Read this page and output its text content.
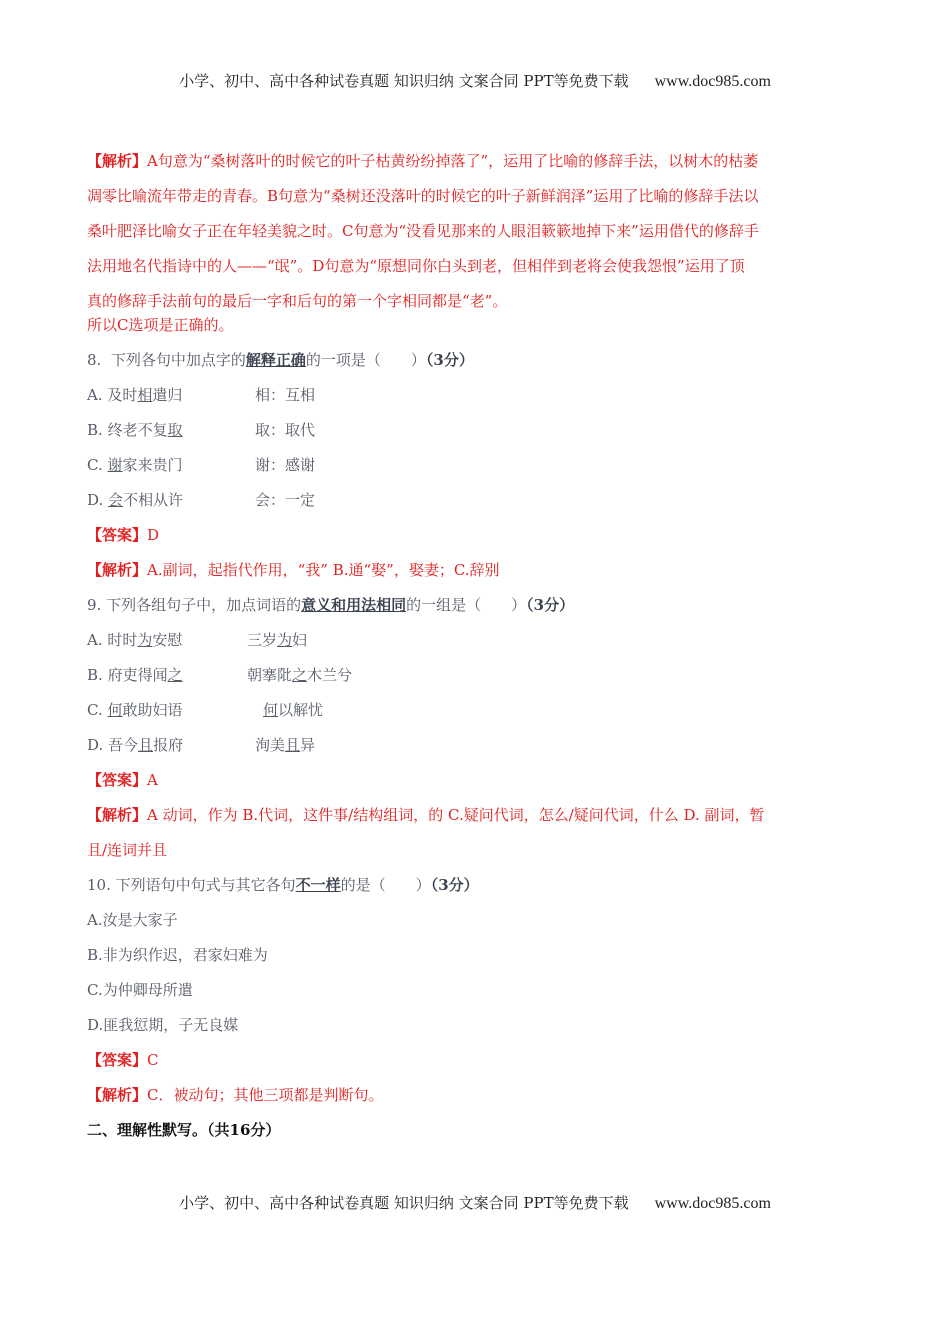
小学、初中、高中各种试卷真题 知识归纳 文案合同 PPT等免费下载 www.doc985.com
【解析】A句意为“桑树落叶的时候它的叶子枯黄纷纷掉落了”，运用了比喻的修辞手法，以树木的枯萎
凋零比喻流年带走的青春。B句意为“桑树还没落叶的时候它的叶子新鲜润泽”运用了比喻的修辞手法以
桑叶肥泽比喻女子正在年轻美貌之时。C句意为“没看见那来的人眼泪簌簌地掉下来”运用借代的修辞手
法用地名代指诗中的人——“氓”。D句意为“原想同你白头到老，但相伴到老将会使我怨恨”运用了顶
真的修辞手法前句的最后一字和后句的第一个字相同都是“老”。
所以C选项是正确的。
8. 下列各句中加点字的解释正确的一项是（　　）（3分）
A. 及时相遣归	相：互相
B. 终老不复取	取：取代
C. 谢家来贵门	谢：感谢
D. 会不相从许	会：一定
【答案】D
【解析】A.副词，起指代作用，“我” B.通“娶”，娶妻；C.辞别
9. 下列各组句子中，加点词语的意义和用法相同的一组是（　　）（3分）
A. 时时为安慰	三岁为妇
B. 府吏得闻之	朝搴阰之木兰兮
C. 何敢助妇语	何以解忧
D. 吾今且报府	洵美且异
【答案】A
【解析】A 动词，作为 B.代词，这件事/结构组词，的 C.疑问代词，怎么/疑问代词，什么 D. 副词，暂
且/连词并且
10. 下列语句中句式与其它各句不一样的是（　　）（3分）
A.汝是大家子
B.非为织作迟，君家妇难为
C.为仲卿母所遣
D.匪我愆期，子无良媒
【答案】C
【解析】C．被动句；其他三项都是判断句。
二、理解性默写。（共16分）
小学、初中、高中各种试卷真题 知识归纳 文案合同 PPT等免费下载 www.doc985.com
